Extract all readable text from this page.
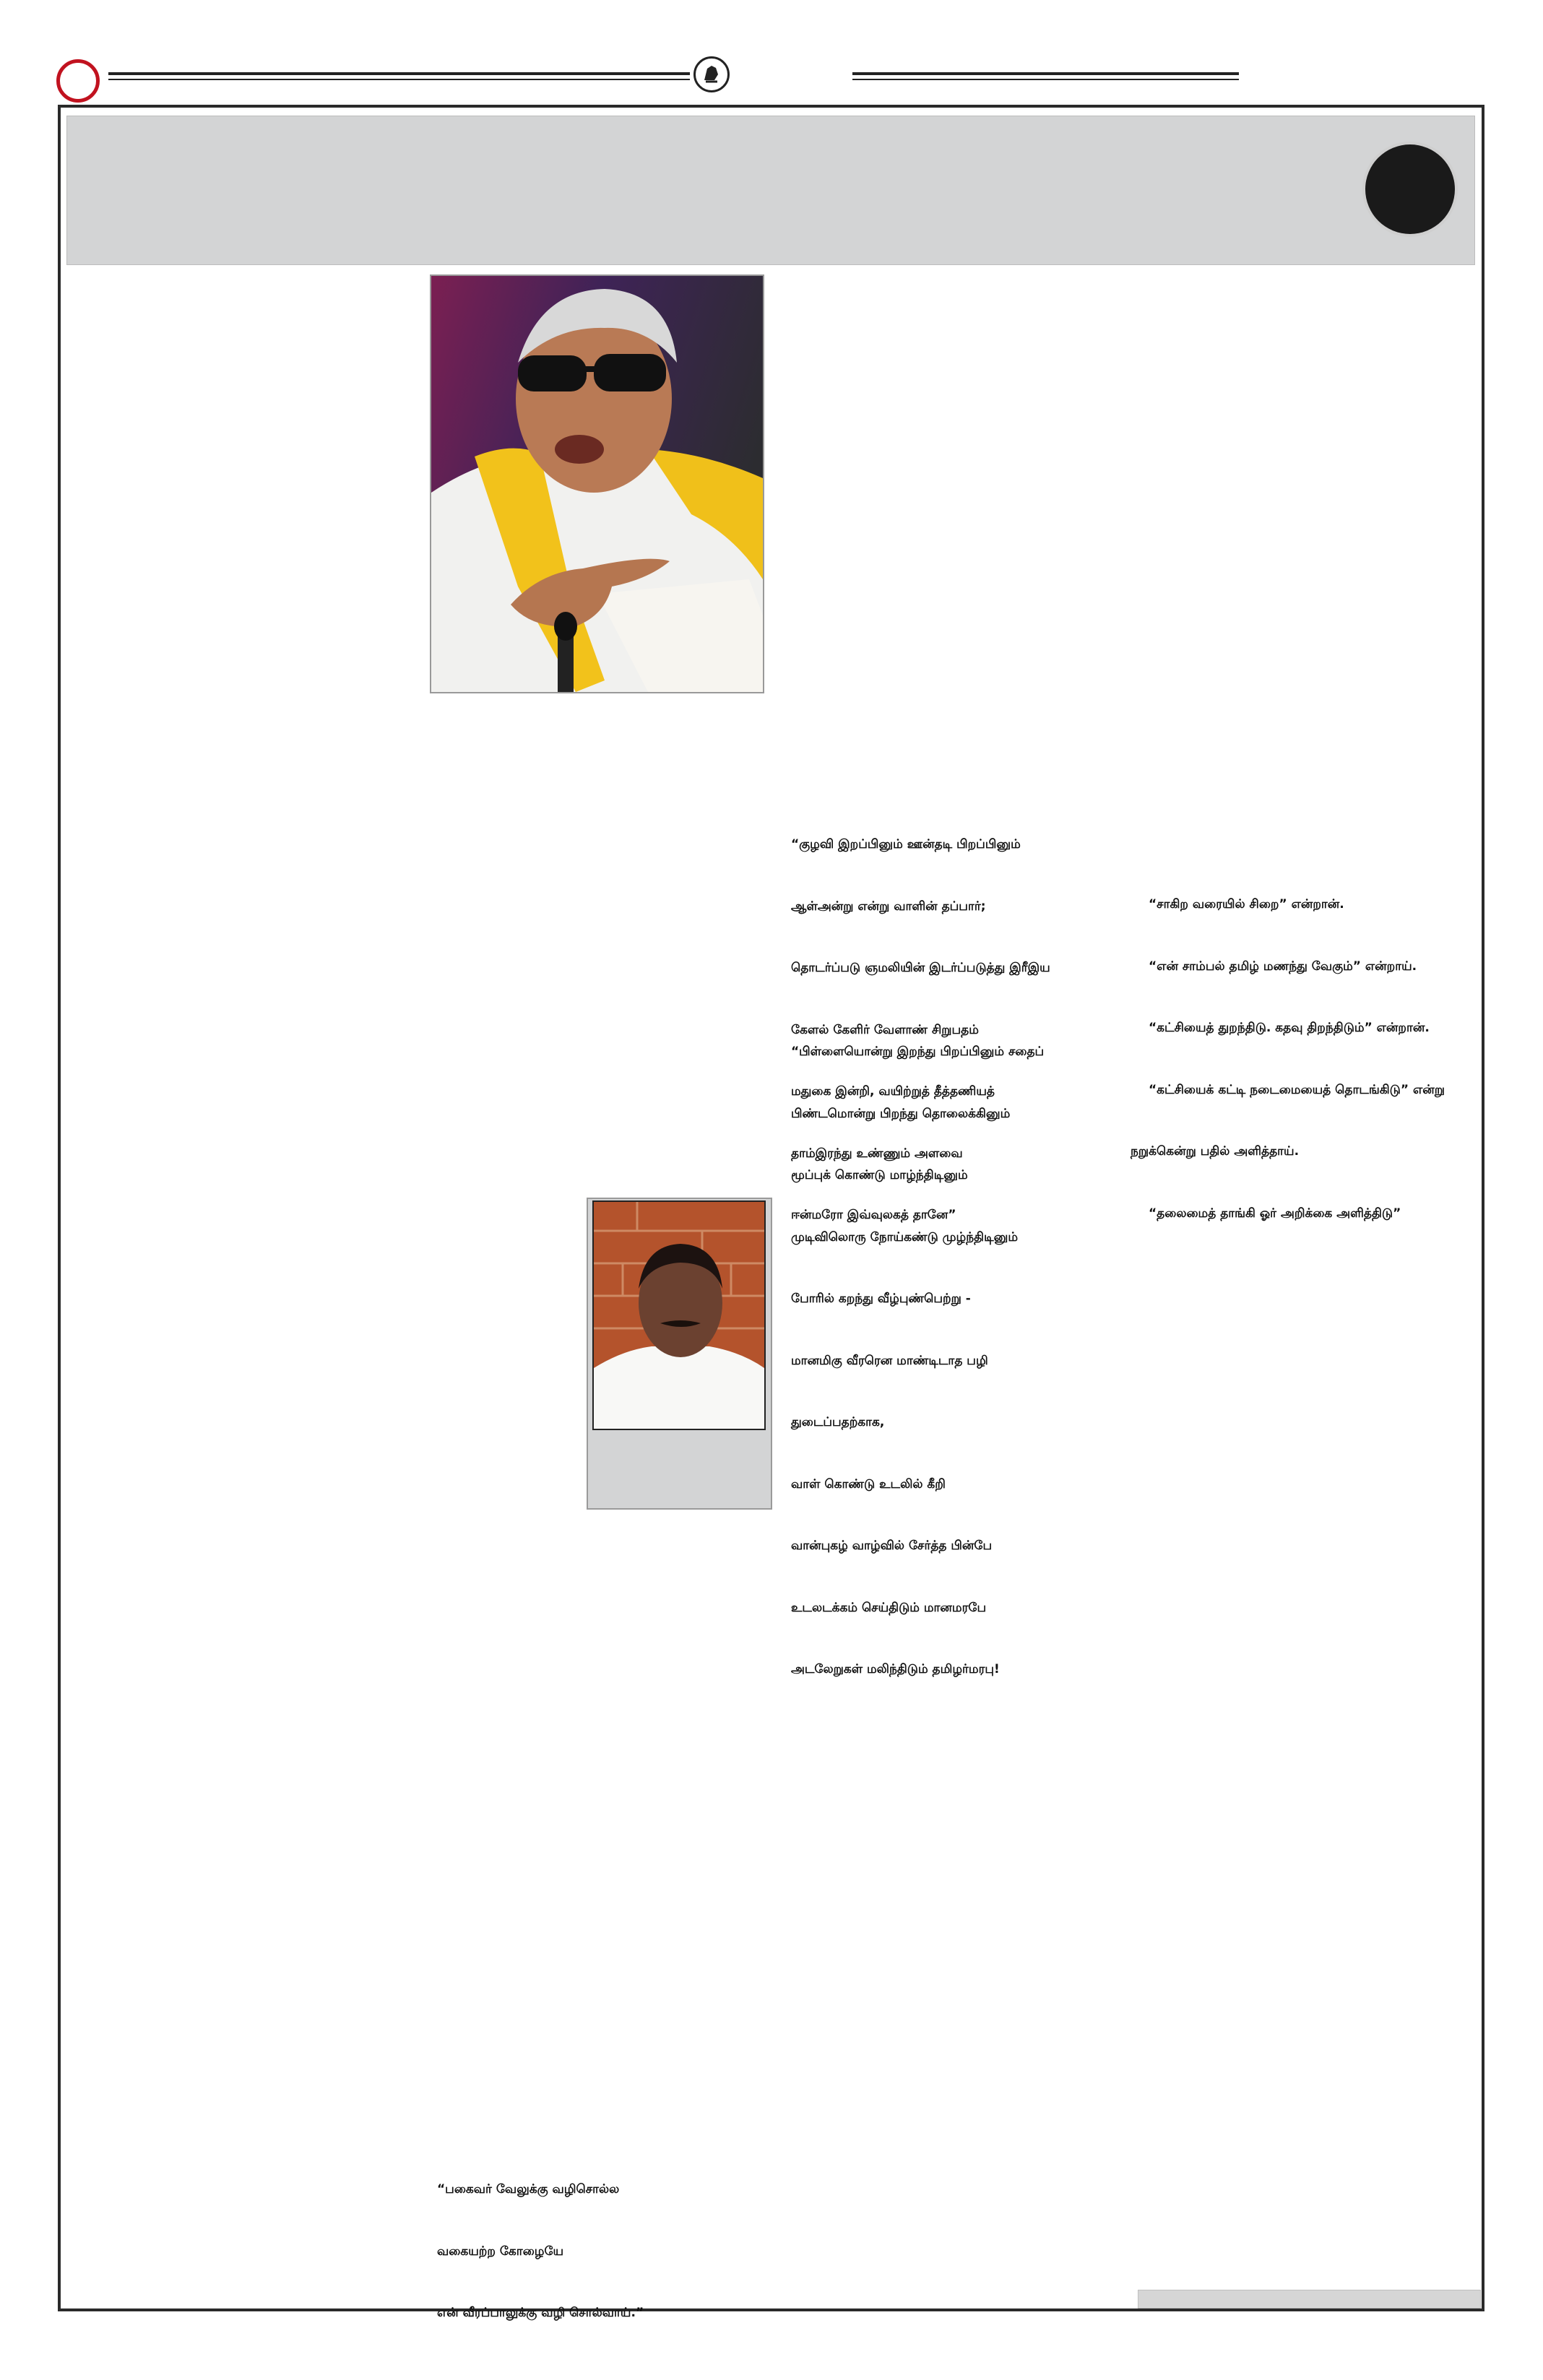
“குழவி இறப்பினும் ஊன்தடி பிறப்பினும்

ஆள்அன்று என்று வாளின் தப்பார்;

தொடர்ப்படு ஞமலியின் இடர்ப்படுத்து இரீஇய

கேளல் கேளிர் வேளாண் சிறுபதம்

மதுகை இன்றி, வயிற்றுத் தீத்தணியத்

தாம்இரந்து உண்ணும் அளவை

ஈன்மரோ இவ்வுலகத் தானே”

“சாகிற வரையில் சிறை” என்றான்.

“என் சாம்பல் தமிழ் மணந்து வேகும்” என்றாய்.

“கட்சியைத் துறந்திடு. கதவு திறந்திடும்” என்றான்.

“கட்சியைக் கட்டி நடைமையைத் தொடங்கிடு” என்று

நறுக்கென்று பதில் அளித்தாய்.

“தலைமைத் தாங்கி ஓர் அறிக்கை அளித்திடு”

“பிள்ளையொன்று இறந்து பிறப்பினும் சதைப்

பிண்டமொன்று பிறந்து தொலைக்கினும்

மூப்புக் கொண்டு மாழ்ந்திடினும்

முடிவிலொரு நோய்கண்டு முழ்ந்திடினும்

போரில் கறந்து வீழ்புண்பெற்று -

மானமிகு வீரரென மாண்டிடாத பழி

துடைப்பதற்காக,

வாள் கொண்டு உடலில் கீறி

வான்புகழ் வாழ்வில் சேர்த்த பின்பே

உடலடக்கம் செய்திடும் மானமரபே

அடலேறுகள் மலிந்திடும் தமிழர்மரபு!

“பகைவர் வேலுக்கு வழிசொல்ல

வகையற்ற கோழையே

என் வீரப்பாலுக்கு வழி சொல்வாய்.”
